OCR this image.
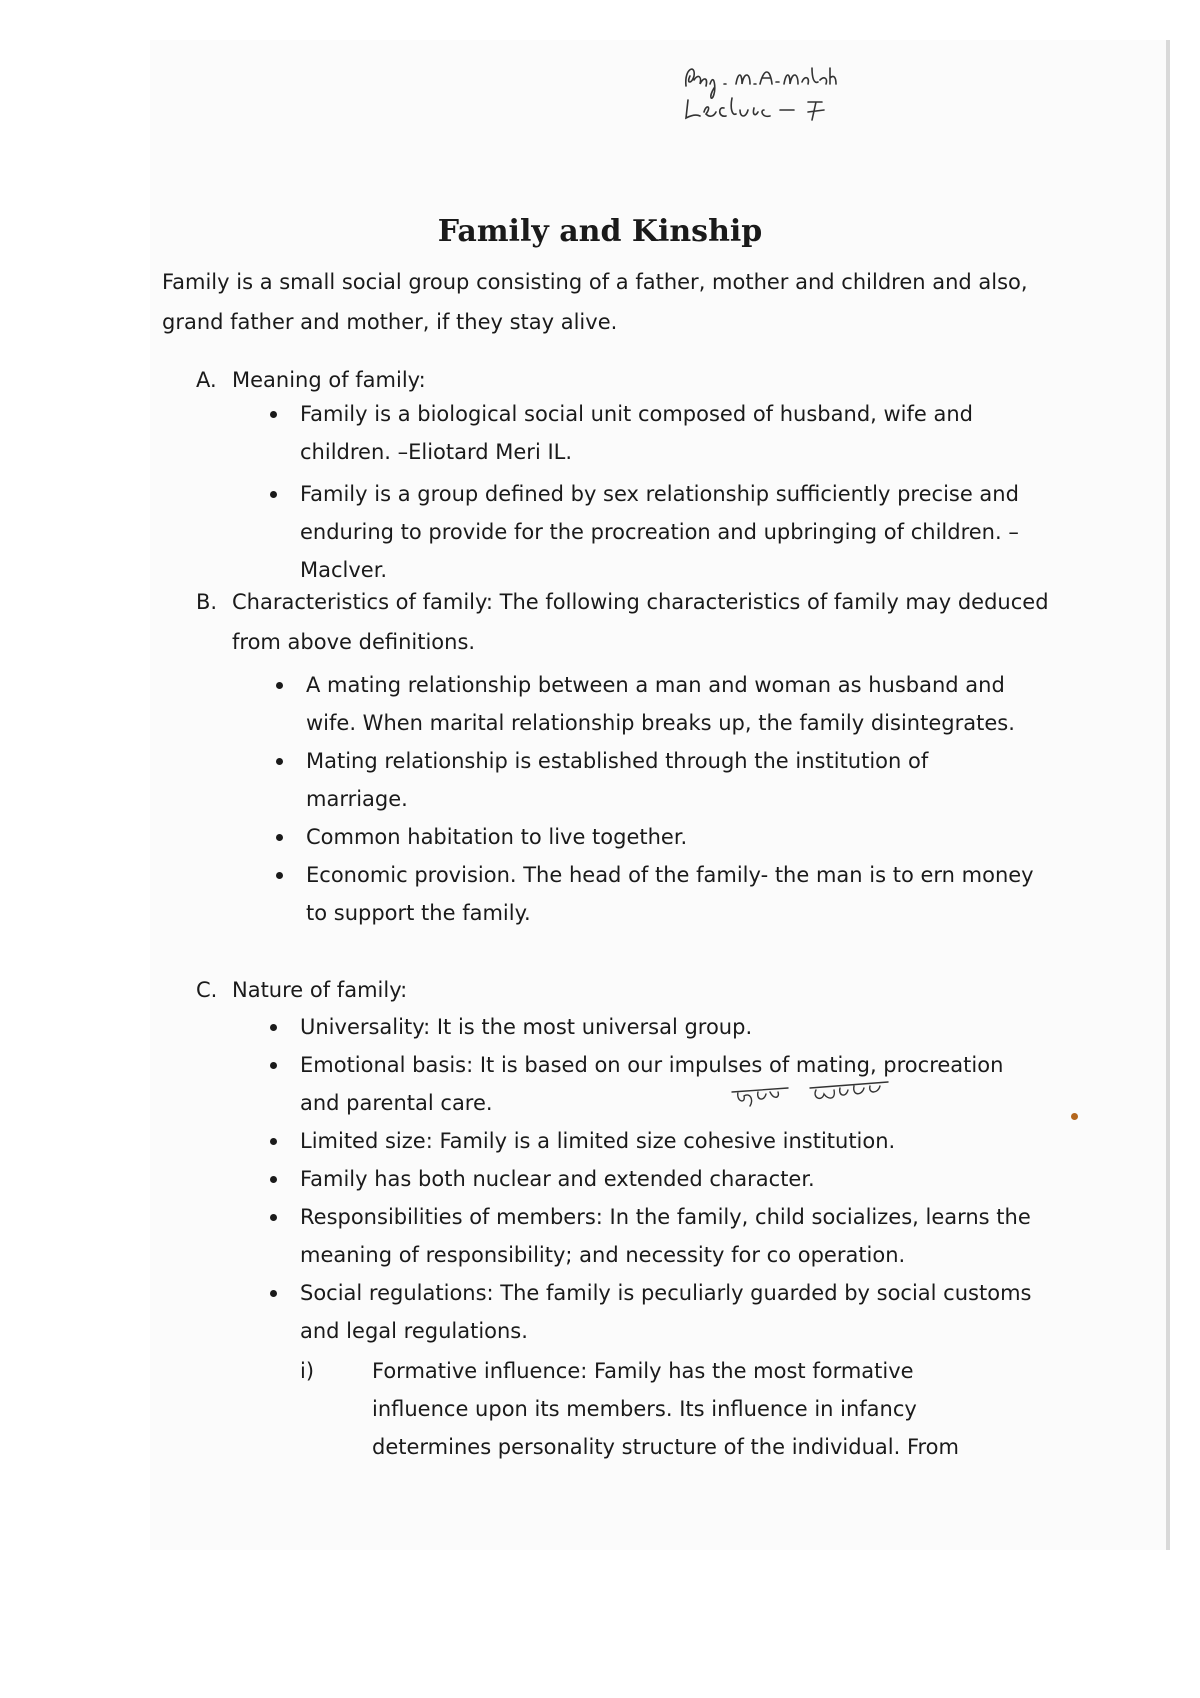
Family and Kinship

Family is a small social group consisting of a father, mother and children and also, grand father and mother, if they stay alive.

A. Meaning of family:
Family is a biological social unit composed of husband, wife and children. –Eliotard Meri IL.
Family is a group defined by sex relationship sufficiently precise and enduring to provide for the procreation and upbringing of children. – Maclver.
B. Characteristics of family: The following characteristics of family may deduced from above definitions.
A mating relationship between a man and woman as husband and wife. When marital relationship breaks up, the family disintegrates.
Mating relationship is established through the institution of marriage.
Common habitation to live together.
Economic provision. The head of the family- the man is to ern money to support the family.
C. Nature of family:
Universality: It is the most universal group.
Emotional basis: It is based on our impulses of mating, procreation and parental care.
Limited size: Family is a limited size cohesive institution.
Family has both nuclear and extended character.
Responsibilities of members: In the family, child socializes, learns the meaning of responsibility; and necessity for co operation.
Social regulations: The family is peculiarly guarded by social customs and legal regulations.
i)	Formative influence: Family has the most formative influence upon its members. Its influence in infancy determines personality structure of the individual. From
